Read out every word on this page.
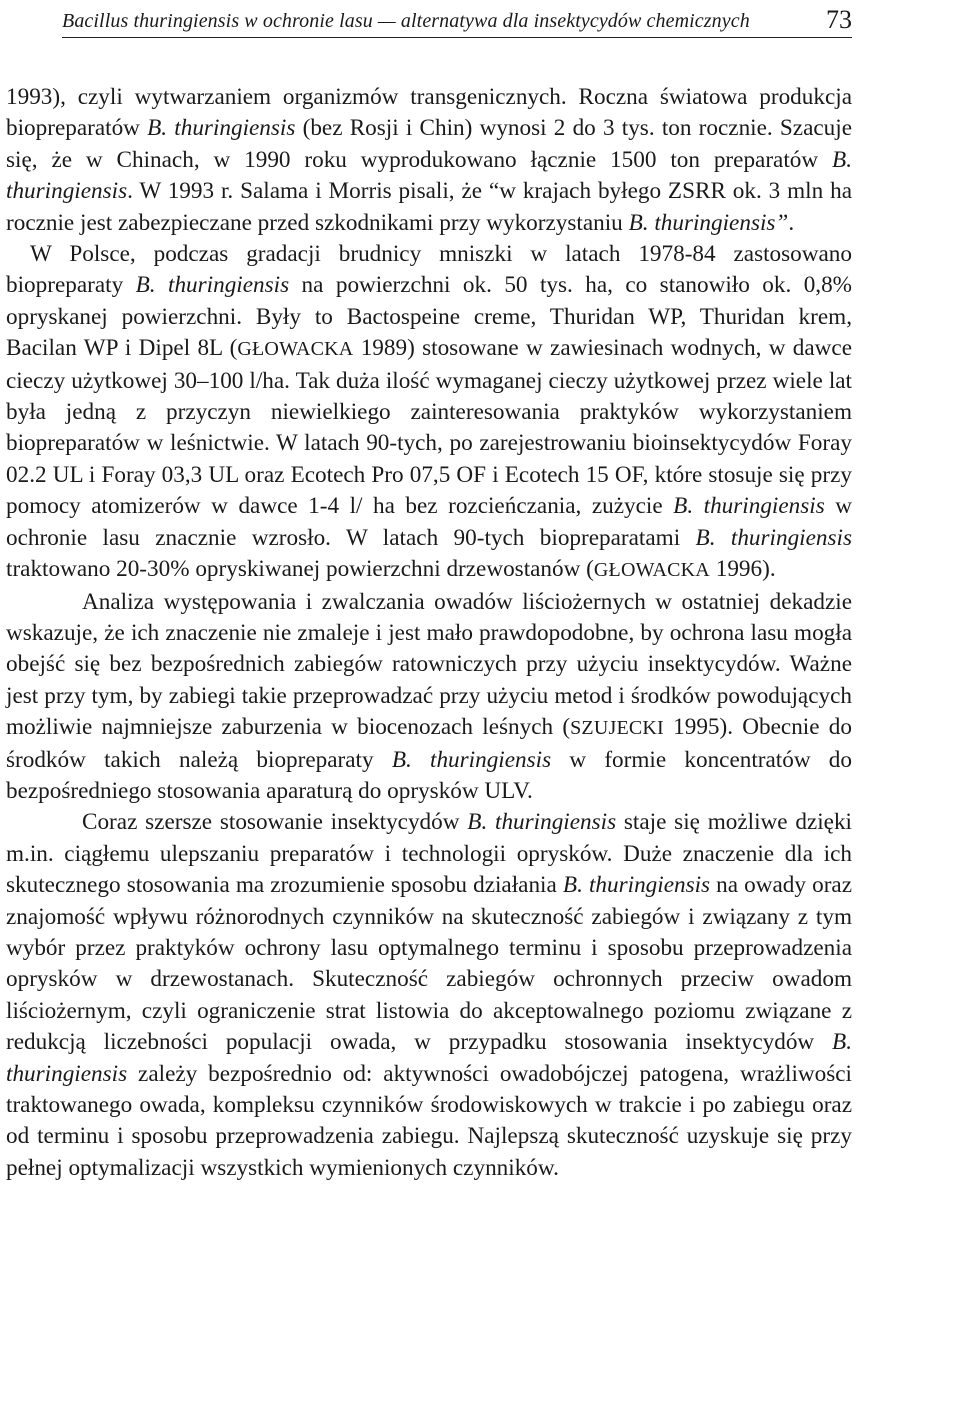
Bacillus thuringiensis w ochronie lasu — alternatywa dla insektycydów chemicznych	73

1993), czyli wytwarzaniem organizmów transgenicznych. Roczna światowa produkcja biopreparatów B. thuringiensis (bez Rosji i Chin) wynosi 2 do 3 tys. ton rocznie. Szacuje się, że w Chinach, w 1990 roku wyprodukowano łącznie 1500 ton preparatów B. thuringiensis. W 1993 r. Salama i Morris pisali, że “w krajach byłego ZSRR ok. 3 mln ha rocznie jest zabezpieczane przed szkodnikami przy wykorzystaniu B. thuringiensis”.

W Polsce, podczas gradacji brudnicy mniszki w latach 1978-84 zastosowano biopreparaty B. thuringiensis na powierzchni ok. 50 tys. ha, co stanowiło ok. 0,8% opryskanej powierzchni. Były to Bactospeine creme, Thuridan WP, Thuridan krem, Bacilan WP i Dipel 8L (GŁOWACKA 1989) stosowane w zawiesinach wodnych, w dawce cieczy użytkowej 30–100 l/ha. Tak duża ilość wymaganej cieczy użytkowej przez wiele lat była jedną z przyczyn niewielkiego zainteresowania praktyków wykorzystaniem biopreparatów w leśnictwie. W latach 90-tych, po zarejestrowaniu bioinsektycydów Foray 02.2 UL i Foray 03,3 UL oraz Ecotech Pro 07,5 OF i Ecotech 15 OF, które stosuje się przy pomocy atomizerów w dawce 1-4 l/ ha bez rozcieńczania, zużycie B. thuringiensis w ochronie lasu znacznie wzrosło. W latach 90-tych biopreparatami B. thuringiensis traktowano 20-30% opryskiwanej powierzchni drzewostanów (GŁOWACKA 1996).

Analiza występowania i zwalczania owadów liściożernych w ostatniej dekadzie wskazuje, że ich znaczenie nie zmaleje i jest mało prawdopodobne, by ochrona lasu mogła obejść się bez bezpośrednich zabiegów ratowniczych przy użyciu insektycydów. Ważne jest przy tym, by zabiegi takie przeprowadzać przy użyciu metod i środków powodujących możliwie najmniejsze zaburzenia w biocenozach leśnych (SZUJECKI 1995). Obecnie do środków takich należą biopreparaty B. thuringiensis w formie koncentratów do bezpośredniego stosowania aparaturą do oprysków ULV.

Coraz szersze stosowanie insektycydów B. thuringiensis staje się możliwe dzięki m.in. ciągłemu ulepszaniu preparatów i technologii oprysków. Duże znaczenie dla ich skutecznego stosowania ma zrozumienie sposobu działania B. thuringiensis na owady oraz znajomość wpływu różnorodnych czynników na skuteczność zabiegów i związany z tym wybór przez praktyków ochrony lasu optymalnego terminu i sposobu przeprowadzenia oprysków w drzewostanach. Skuteczność zabiegów ochronnych przeciw owadom liściożernym, czyli ograniczenie strat listowia do akceptowalnego poziomu związane z redukcją liczebności populacji owada, w przypadku stosowania insektycydów B. thuringiensis zależy bezpośrednio od: aktywności owadobójczej patogena, wrażliwości traktowanego owada, kompleksu czynników środowiskowych w trakcie i po zabiegu oraz od terminu i sposobu przeprowadzenia zabiegu. Najlepszą skuteczność uzyskuje się przy pełnej optymalizacji wszystkich wymienionych czynników.
